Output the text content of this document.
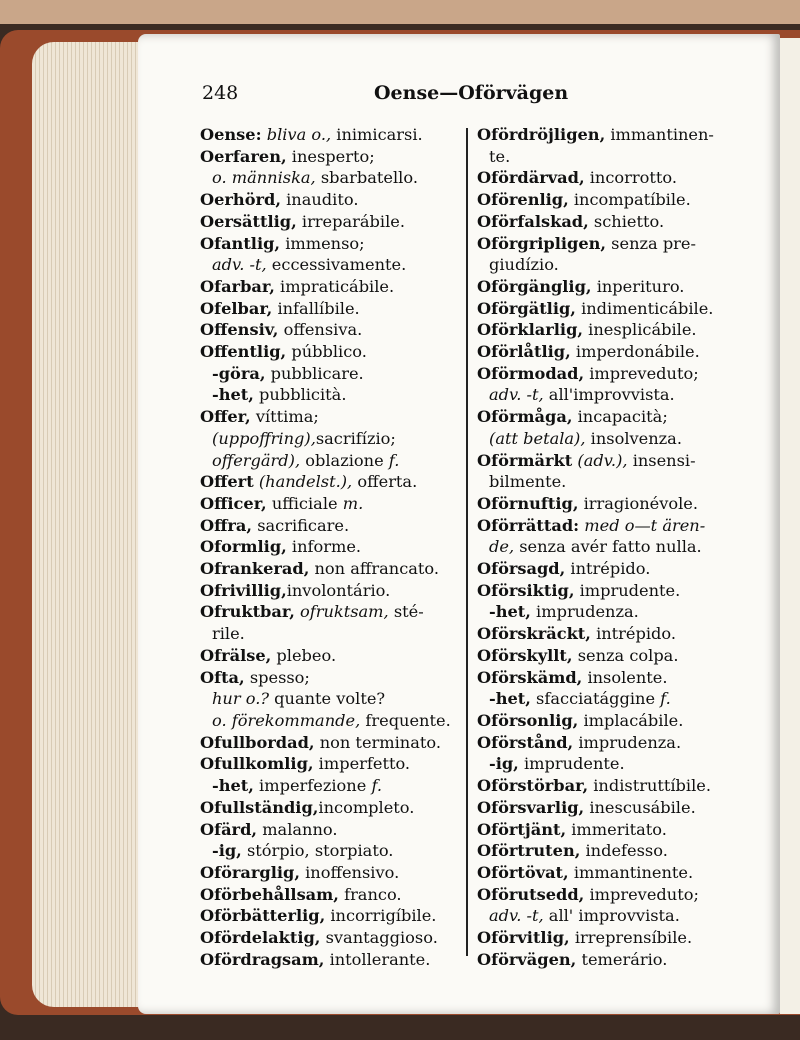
248	Oense—Oförvägen
Oense: bliva o., inimicarsi.
Oerfaren, inesperto;
o. människa, sbarbatello.
Oerhörd, inaudito.
Oersättlig, irreparábile.
Ofantlig, immenso;
adv. -t, eccessivamente.
Ofarbar, impraticábile.
Ofelbar, infallíbile.
Offensiv, offensiva.
Offentlig, púbblico.
-göra, pubblicare.
-het, pubblicità.
Offer, víttima;
(uppoffring),sacrifízio;
offergärd), oblazione f.
Offert (handelst.), offerta.
Officer, ufficiale m.
Offra, sacrificare.
Oformlig, informe.
Ofrankerad, non affrancato.
Ofrivillig,involontário.
Ofruktbar, ofruktsam, sté-
rile.
Ofrälse, plebeo.
Ofta, spesso;
hur o.? quante volte?
o. förekommande, frequente.
Ofullbordad, non terminato.
Ofullkomlig, imperfetto.
-het, imperfezione f.
Ofullständig,incompleto.
Ofärd, malanno.
-ig, stórpio, storpiato.
Oförarglig, inoffensivo.
Oförbehållsam, franco.
Oförbätterlig, incorrigíbile.
Ofördelaktig, svantaggioso.
Ofördragsam, intollerante.
Ofördröjligen, immantinen-
te.
Ofördärvad, incorrotto.
Oförenlig, incompatíbile.
Oförfalskad, schietto.
Oförgripligen, senza pre-
giudízio.
Oförgänglig, inperituro.
Oförgätlig, indimenticábile.
Oförklarlig, inesplicábile.
Oförlåtlig, imperdonábile.
Oförmodad, impreveduto;
adv. -t, all'improvvista.
Oförmåga, incapacità;
(att betala), insolvenza.
Oförmärkt (adv.), insensi-
bilmente.
Oförnuftig, irragionévole.
Oförrättad: med o—t ären-
de, senza avér fatto nulla.
Oförsagd, intrépido.
Oförsiktig, imprudente.
-het, imprudenza.
Oförskräckt, intrépido.
Oförskyllt, senza colpa.
Oförskämd, insolente.
-het, sfacciatággine f.
Oförsonlig, implacábile.
Oförstånd, imprudenza.
-ig, imprudente.
Oförstörbar, indistruttíbile.
Oförsvarlig, inescusábile.
Oförtjänt, immeritato.
Oförtruten, indefesso.
Oförtövat, immantinente.
Oförutsedd, impreveduto;
adv. -t, all' improvvista.
Oförvitlig, irreprensíbile.
Oförvägen, temerário.
